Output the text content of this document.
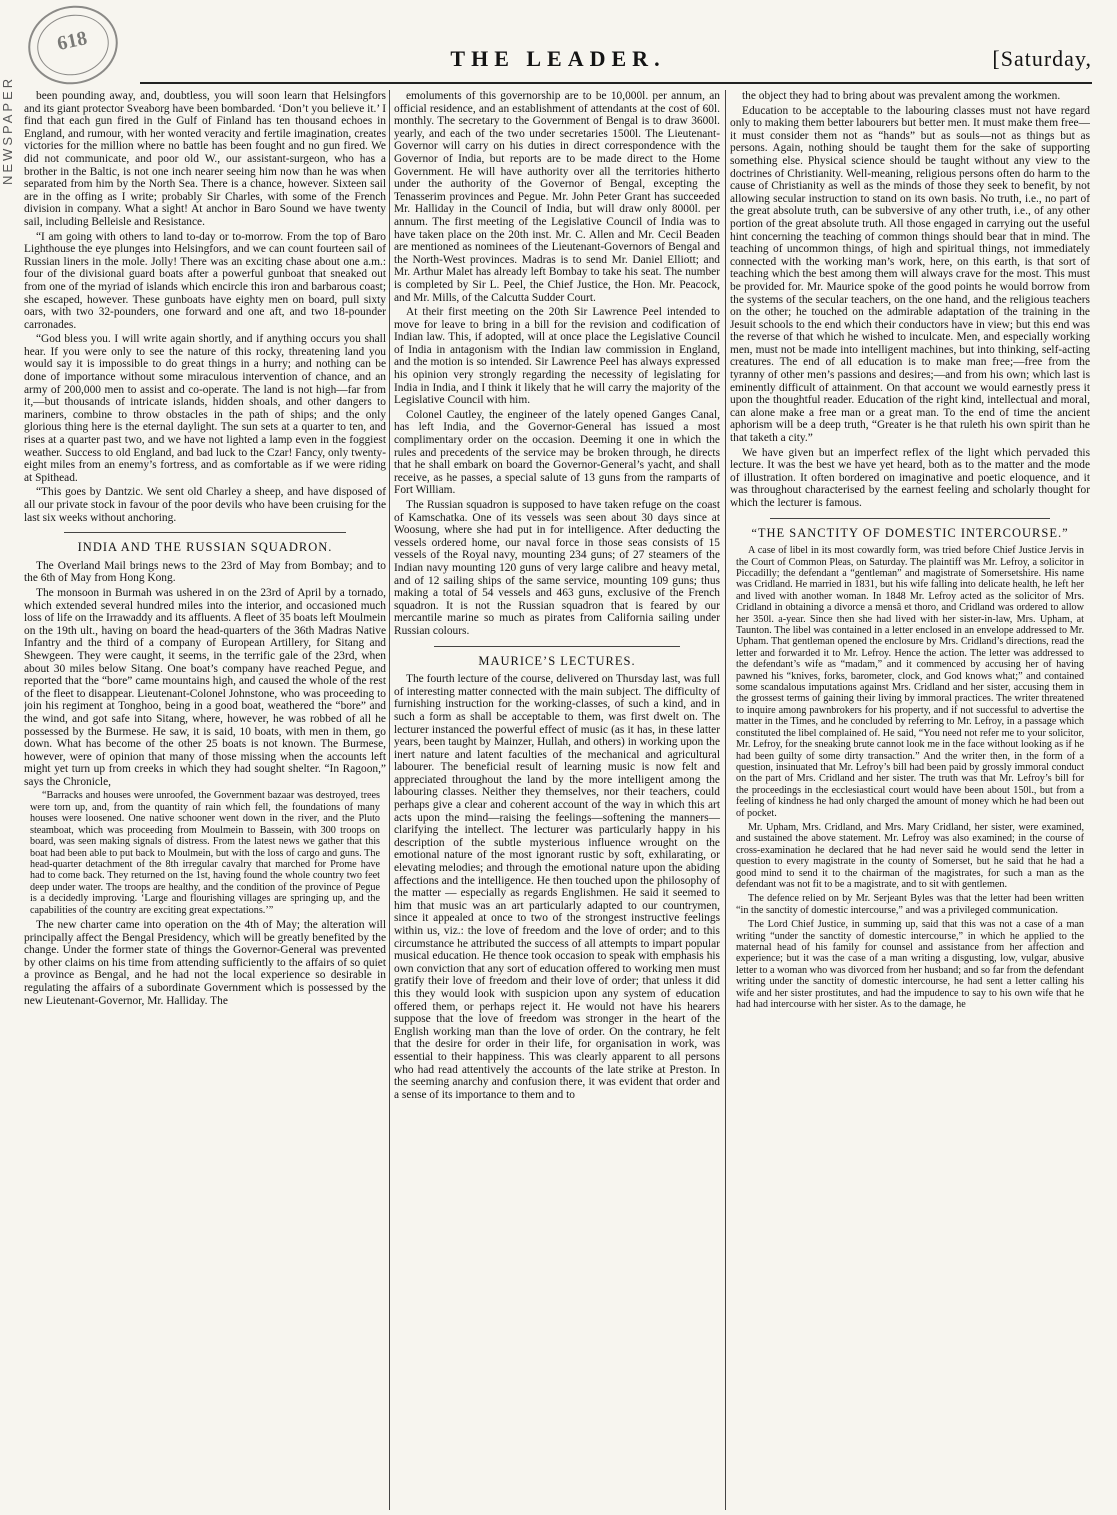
618
NEWSPAPER
THE LEADER.	[Saturday,

been pounding away, and, doubtless, you will soon learn that Helsingfors and its giant protector Sveaborg have been bombarded. ‘Don’t you believe it.’ I find that each gun fired in the Gulf of Finland has ten thousand echoes in England, and rumour, with her wonted veracity and fertile imagination, creates victories for the million where no battle has been fought and no gun fired. We did not communicate, and poor old W., our assistant-surgeon, who has a brother in the Baltic, is not one inch nearer seeing him now than he was when separated from him by the North Sea. There is a chance, however. Sixteen sail are in the offing as I write; probably Sir Charles, with some of the French division in company. What a sight! At anchor in Baro Sound we have twenty sail, including Belleisle and Resistance.

“I am going with others to land to-day or to-morrow. From the top of Baro Lighthouse the eye plunges into Helsingfors, and we can count fourteen sail of Russian liners in the mole. Jolly! There was an exciting chase about one a.m.: four of the divisional guard boats after a powerful gunboat that sneaked out from one of the myriad of islands which encircle this iron and barbarous coast; she escaped, however. These gunboats have eighty men on board, pull sixty oars, with two 32-pounders, one forward and one aft, and two 18-pounder carronades.

“God bless you. I will write again shortly, and if anything occurs you shall hear. If you were only to see the nature of this rocky, threatening land you would say it is impossible to do great things in a hurry; and nothing can be done of importance without some miraculous intervention of chance, and an army of 200,000 men to assist and co-operate. The land is not high—far from it,—but thousands of intricate islands, hidden shoals, and other dangers to mariners, combine to throw obstacles in the path of ships; and the only glorious thing here is the eternal daylight. The sun sets at a quarter to ten, and rises at a quarter past two, and we have not lighted a lamp even in the foggiest weather. Success to old England, and bad luck to the Czar! Fancy, only twenty-eight miles from an enemy’s fortress, and as comfortable as if we were riding at Spithead.

“This goes by Dantzic. We sent old Charley a sheep, and have disposed of all our private stock in favour of the poor devils who have been cruising for the last six weeks without anchoring.

INDIA AND THE RUSSIAN SQUADRON.

The Overland Mail brings news to the 23rd of May from Bombay; and to the 6th of May from Hong Kong.

The monsoon in Burmah was ushered in on the 23rd of April by a tornado, which extended several hundred miles into the interior, and occasioned much loss of life on the Irrawaddy and its affluents. A fleet of 35 boats left Moulmein on the 19th ult., having on board the head-quarters of the 36th Madras Native Infantry and the third of a company of European Artillery, for Sitang and Shewgeen. They were caught, it seems, in the terrific gale of the 23rd, when about 30 miles below Sitang. One boat’s company have reached Pegue, and reported that the “bore” came mountains high, and caused the whole of the rest of the fleet to disappear. Lieutenant-Colonel Johnstone, who was proceeding to join his regiment at Tonghoo, being in a good boat, weathered the “bore” and the wind, and got safe into Sitang, where, however, he was robbed of all he possessed by the Burmese. He saw, it is said, 10 boats, with men in them, go down. What has become of the other 25 boats is not known. The Burmese, however, were of opinion that many of those missing when the accounts left might yet turn up from creeks in which they had sought shelter. “In Ragoon,” says the Chronicle,

“Barracks and houses were unroofed, the Government bazaar was destroyed, trees were torn up, and, from the quantity of rain which fell, the foundations of many houses were loosened. One native schooner went down in the river, and the Pluto steamboat, which was proceeding from Moulmein to Bassein, with 300 troops on board, was seen making signals of distress. From the latest news we gather that this boat had been able to put back to Moulmein, but with the loss of cargo and guns. The head-quarter detachment of the 8th irregular cavalry that marched for Prome have had to come back. They returned on the 1st, having found the whole country two feet deep under water. The troops are healthy, and the condition of the province of Pegue is a decidedly improving. ‘Large and flourishing villages are springing up, and the capabilities of the country are exciting great expectations.’”

The new charter came into operation on the 4th of May; the alteration will principally affect the Bengal Presidency, which will be greatly benefited by the change. Under the former state of things the Governor-General was prevented by other claims on his time from attending sufficiently to the affairs of so quiet a province as Bengal, and he had not the local experience so desirable in regulating the affairs of a subordinate Government which is possessed by the new Lieutenant-Governor, Mr. Halliday. The

emoluments of this governorship are to be 10,000l. per annum, an official residence, and an establishment of attendants at the cost of 60l. monthly. The secretary to the Government of Bengal is to draw 3600l. yearly, and each of the two under secretaries 1500l. The Lieutenant-Governor will carry on his duties in direct correspondence with the Governor of India, but reports are to be made direct to the Home Government. He will have authority over all the territories hitherto under the authority of the Governor of Bengal, excepting the Tenasserim provinces and Pegue. Mr. John Peter Grant has succeeded Mr. Halliday in the Council of India, but will draw only 8000l. per annum. The first meeting of the Legislative Council of India was to have taken place on the 20th inst. Mr. C. Allen and Mr. Cecil Beaden are mentioned as nominees of the Lieutenant-Governors of Bengal and the North-West provinces. Madras is to send Mr. Daniel Elliott; and Mr. Arthur Malet has already left Bombay to take his seat. The number is completed by Sir L. Peel, the Chief Justice, the Hon. Mr. Peacock, and Mr. Mills, of the Calcutta Sudder Court.

At their first meeting on the 20th Sir Lawrence Peel intended to move for leave to bring in a bill for the revision and codification of Indian law. This, if adopted, will at once place the Legislative Council of India in antagonism with the Indian law commission in England, and the motion is so intended. Sir Lawrence Peel has always expressed his opinion very strongly regarding the necessity of legislating for India in India, and I think it likely that he will carry the majority of the Legislative Council with him.

Colonel Cautley, the engineer of the lately opened Ganges Canal, has left India, and the Governor-General has issued a most complimentary order on the occasion. Deeming it one in which the rules and precedents of the service may be broken through, he directs that he shall embark on board the Governor-General’s yacht, and shall receive, as he passes, a special salute of 13 guns from the ramparts of Fort William.

The Russian squadron is supposed to have taken refuge on the coast of Kamschatka. One of its vessels was seen about 30 days since at Woosung, where she had put in for intelligence. After deducting the vessels ordered home, our naval force in those seas consists of 15 vessels of the Royal navy, mounting 234 guns; of 27 steamers of the Indian navy mounting 120 guns of very large calibre and heavy metal, and of 12 sailing ships of the same service, mounting 109 guns; thus making a total of 54 vessels and 463 guns, exclusive of the French squadron. It is not the Russian squadron that is feared by our mercantile marine so much as pirates from California sailing under Russian colours.

MAURICE’S LECTURES.

The fourth lecture of the course, delivered on Thursday last, was full of interesting matter connected with the main subject. The difficulty of furnishing instruction for the working-classes, of such a kind, and in such a form as shall be acceptable to them, was first dwelt on. The lecturer instanced the powerful effect of music (as it has, in these latter years, been taught by Mainzer, Hullah, and others) in working upon the inert nature and latent faculties of the mechanical and agricultural labourer. The beneficial result of learning music is now felt and appreciated throughout the land by the more intelligent among the labouring classes. Neither they themselves, nor their teachers, could perhaps give a clear and coherent account of the way in which this art acts upon the mind—raising the feelings—softening the manners—clarifying the intellect. The lecturer was particularly happy in his description of the subtle mysterious influence wrought on the emotional nature of the most ignorant rustic by soft, exhilarating, or elevating melodies; and through the emotional nature upon the abiding affections and the intelligence. He then touched upon the philosophy of the matter — especially as regards Englishmen. He said it seemed to him that music was an art particularly adapted to our countrymen, since it appealed at once to two of the strongest instructive feelings within us, viz.: the love of freedom and the love of order; and to this circumstance he attributed the success of all attempts to impart popular musical education. He thence took occasion to speak with emphasis his own conviction that any sort of education offered to working men must gratify their love of freedom and their love of order; that unless it did this they would look with suspicion upon any system of education offered them, or perhaps reject it. He would not have his hearers suppose that the love of freedom was stronger in the heart of the English working man than the love of order. On the contrary, he felt that the desire for order in their life, for organisation in work, was essential to their happiness. This was clearly apparent to all persons who had read attentively the accounts of the late strike at Preston. In the seeming anarchy and confusion there, it was evident that order and a sense of its importance to them and to

the object they had to bring about was prevalent among the workmen.

Education to be acceptable to the labouring classes must not have regard only to making them better labourers but better men. It must make them free—it must consider them not as “hands” but as souls—not as things but as persons. Again, nothing should be taught them for the sake of supporting something else. Physical science should be taught without any view to the doctrines of Christianity. Well-meaning, religious persons often do harm to the cause of Christianity as well as the minds of those they seek to benefit, by not allowing secular instruction to stand on its own basis. No truth, i.e., no part of the great absolute truth, can be subversive of any other truth, i.e., of any other portion of the great absolute truth. All those engaged in carrying out the useful hint concerning the teaching of common things should bear that in mind. The teaching of uncommon things, of high and spiritual things, not immediately connected with the working man’s work, here, on this earth, is that sort of teaching which the best among them will always crave for the most. This must be provided for. Mr. Maurice spoke of the good points he would borrow from the systems of the secular teachers, on the one hand, and the religious teachers on the other; he touched on the admirable adaptation of the training in the Jesuit schools to the end which their conductors have in view; but this end was the reverse of that which he wished to inculcate. Men, and especially working men, must not be made into intelligent machines, but into thinking, self-acting creatures. The end of all education is to make man free;—free from the tyranny of other men’s passions and desires;—and from his own; which last is eminently difficult of attainment. On that account we would earnestly press it upon the thoughtful reader. Education of the right kind, intellectual and moral, can alone make a free man or a great man. To the end of time the ancient aphorism will be a deep truth, “Greater is he that ruleth his own spirit than he that taketh a city.”

We have given but an imperfect reflex of the light which pervaded this lecture. It was the best we have yet heard, both as to the matter and the mode of illustration. It often bordered on imaginative and poetic eloquence, and it was throughout characterised by the earnest feeling and scholarly thought for which the lecturer is famous.

“THE SANCTITY OF DOMESTIC INTERCOURSE.”

A case of libel in its most cowardly form, was tried before Chief Justice Jervis in the Court of Common Pleas, on Saturday. The plaintiff was Mr. Lefroy, a solicitor in Piccadilly; the defendant a “gentleman” and magistrate of Somersetshire. His name was Cridland. He married in 1831, but his wife falling into delicate health, he left her and lived with another woman. In 1848 Mr. Lefroy acted as the solicitor of Mrs. Cridland in obtaining a divorce a mensâ et thoro, and Cridland was ordered to allow her 350l. a-year. Since then she had lived with her sister-in-law, Mrs. Upham, at Taunton. The libel was contained in a letter enclosed in an envelope addressed to Mr. Upham. That gentleman opened the enclosure by Mrs. Cridland’s directions, read the letter and forwarded it to Mr. Lefroy. Hence the action. The letter was addressed to the defendant’s wife as “madam,” and it commenced by accusing her of having pawned his “knives, forks, barometer, clock, and God knows what;” and contained some scandalous imputations against Mrs. Cridland and her sister, accusing them in the grossest terms of gaining their living by immoral practices. The writer threatened to inquire among pawnbrokers for his property, and if not successful to advertise the matter in the Times, and he concluded by referring to Mr. Lefroy, in a passage which constituted the libel complained of. He said, “You need not refer me to your solicitor, Mr. Lefroy, for the sneaking brute cannot look me in the face without looking as if he had been guilty of some dirty transaction.” And the writer then, in the form of a question, insinuated that Mr. Lefroy’s bill had been paid by grossly immoral conduct on the part of Mrs. Cridland and her sister. The truth was that Mr. Lefroy’s bill for the proceedings in the ecclesiastical court would have been about 150l., but from a feeling of kindness he had only charged the amount of money which he had been out of pocket.

Mr. Upham, Mrs. Cridland, and Mrs. Mary Cridland, her sister, were examined, and sustained the above statement. Mr. Lefroy was also examined; in the course of cross-examination he declared that he had never said he would send the letter in question to every magistrate in the county of Somerset, but he said that he had a good mind to send it to the chairman of the magistrates, for such a man as the defendant was not fit to be a magistrate, and to sit with gentlemen.

The defence relied on by Mr. Serjeant Byles was that the letter had been written “in the sanctity of domestic intercourse,” and was a privileged communication.

The Lord Chief Justice, in summing up, said that this was not a case of a man writing “under the sanctity of domestic intercourse,” in which he applied to the maternal head of his family for counsel and assistance from her affection and experience; but it was the case of a man writing a disgusting, low, vulgar, abusive letter to a woman who was divorced from her husband; and so far from the defendant writing under the sanctity of domestic intercourse, he had sent a letter calling his wife and her sister prostitutes, and had the impudence to say to his own wife that he had had intercourse with her sister. As to the damage, he
